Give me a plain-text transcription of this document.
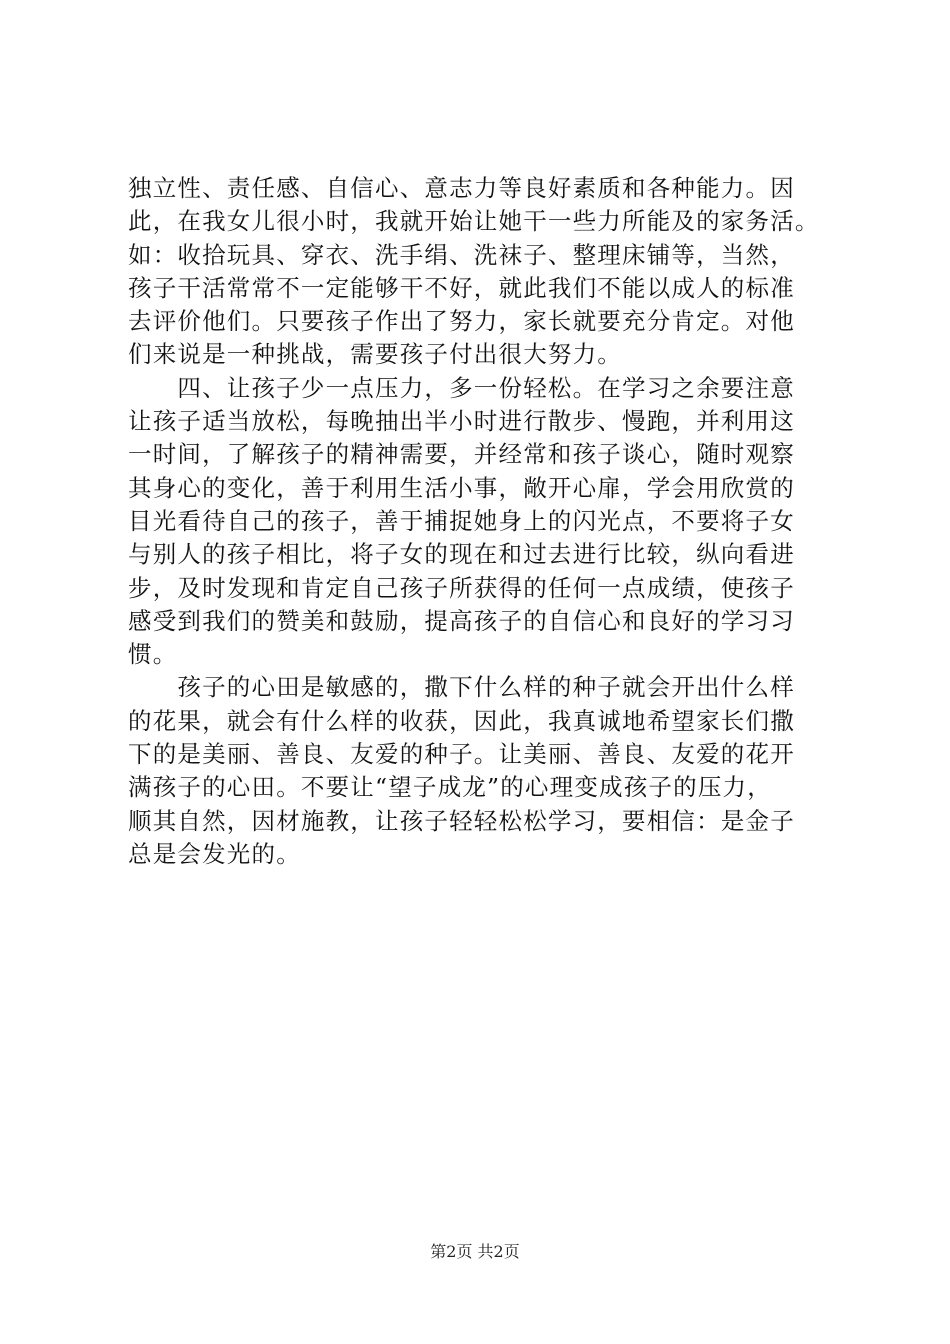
独立性、责任感、自信心、意志力等良好素质和各种能力。因
此，在我女儿很小时，我就开始让她干一些力所能及的家务活。
如：收拾玩具、穿衣、洗手绢、洗袜子、整理床铺等，当然，
孩子干活常常不一定能够干不好，就此我们不能以成人的标准
去评价他们。只要孩子作出了努力，家长就要充分肯定。对他
们来说是一种挑战，需要孩子付出很大努力。
　　四、让孩子少一点压力，多一份轻松。在学习之余要注意
让孩子适当放松，每晚抽出半小时进行散步、慢跑，并利用这
一时间，了解孩子的精神需要，并经常和孩子谈心，随时观察
其身心的变化，善于利用生活小事，敞开心扉，学会用欣赏的
目光看待自己的孩子，善于捕捉她身上的闪光点，不要将子女
与别人的孩子相比，将子女的现在和过去进行比较，纵向看进
步，及时发现和肯定自己孩子所获得的任何一点成绩，使孩子
感受到我们的赞美和鼓励，提高孩子的自信心和良好的学习习
惯。
　　孩子的心田是敏感的，撒下什么样的种子就会开出什么样
的花果，就会有什么样的收获，因此，我真诚地希望家长们撒
下的是美丽、善良、友爱的种子。让美丽、善良、友爱的花开
满孩子的心田。不要让“望子成龙”的心理变成孩子的压力，
顺其自然，因材施教，让孩子轻轻松松学习，要相信：是金子
总是会发光的。
第2页 共2页
